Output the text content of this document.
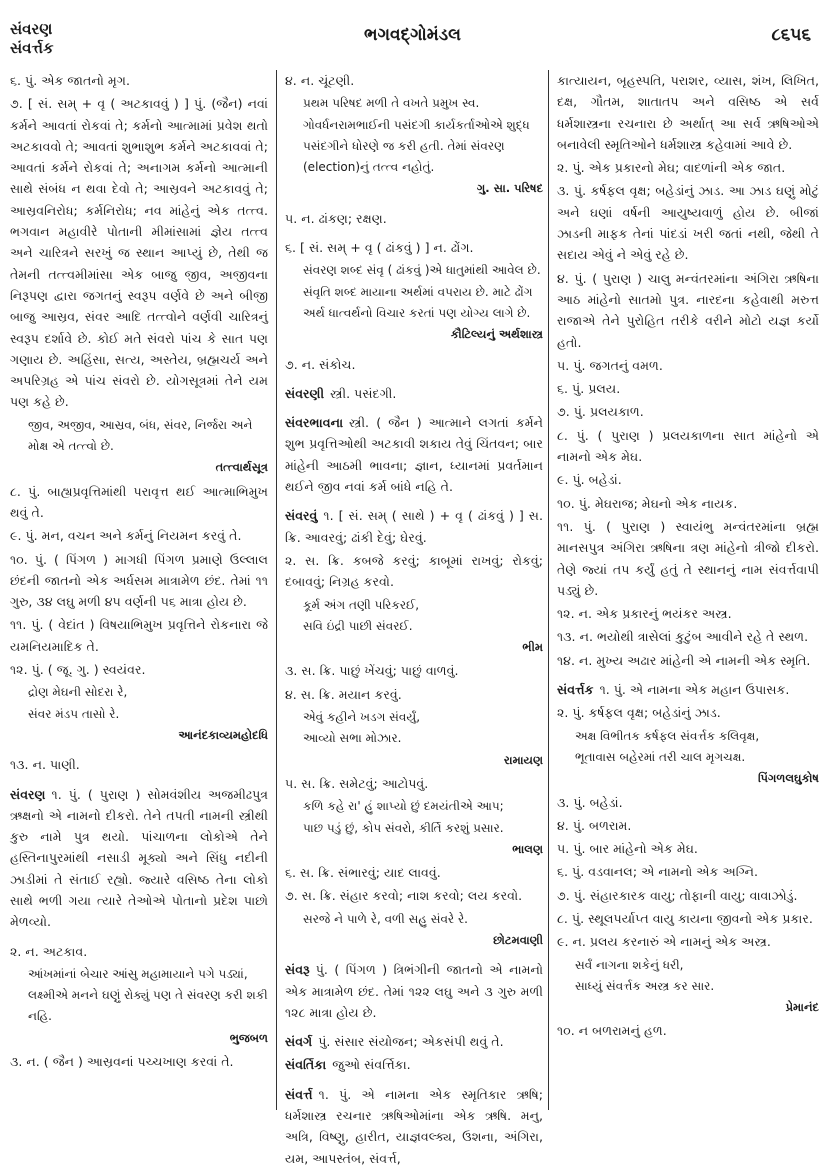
સંવરણ
સંવર્ત્તક
ભગવદ્ગોમંડલ	૮૬૫૬
૬. પું. એક જાતનો મૃગ.
૭. [ સં. સમ્ + વૃ ( અટકાવવું ) ] પું. (જૈન) નવાં કર્મને આવતાં રોકવાં તે; કર્મનો આત્મામાં પ્રવેશ થતો અટકાવવો તે; આવતાં શુભાશુભ કર્મને અટકાવવાં તે; આવતાં કર્મને રોકવાં તે; અનાગમ કર્મનો આત્માની સાથે સંબંધ ન થવા દેવો તે; આસ્રવને અટકાવવું તે; આસ્રવનિરોધ; કર્મનિરોધ; નવ માંહેનું એક તત્ત્વ. ભગવાન મહાવીરે પોતાની મીમાંસામાં જ્ઞેય તત્ત્વ અને ચારિત્રને સરખું જ સ્થાન આપ્યું છે, તેથી જ તેમની તત્ત્વમીમાંસા એક બાજુ જીવ, અજીવના નિરૂપણ દ્વારા જગતનું સ્વરૂપ વર્ણવે છે અને બીજી બાજુ આસ્રવ, સંવર આદિ તત્ત્વોને વર્ણવી ચારિત્રનું સ્વરૂપ દર્શાવે છે. કોઈ મતે સંવરો પાંચ કે સાત પણ ગણાય છે. અહિંસા, સત્ય, અસ્તેય, બ્રહ્મચર્ય અને અપરિગ્રહ એ પાંચ સંવરો છે. યોગસૂત્રમાં તેને યમ પણ કહે છે.
જીવ, અજીવ, આસ્રવ, બંધ, સંવર, નિર્જરા અને મોક્ષ એ તત્ત્વો છે.
તત્ત્વાર્થસૂત્ર
૮. પું. બાહ્યપ્રવૃત્તિમાંથી પરાવૃત્ત થઈ આત્માભિમુખ થવું તે.
૯. પું. મન, વચન અને કર્મનું નિયમન કરવું તે.
૧૦. પું. ( પિંગળ ) માગધી પિંગળ પ્રમાણે ઉલ્લાલ છંદની જાતનો એક અર્ધસમ માત્રામેળ છંદ. તેમાં ૧૧ ગુરુ, ૩૪ લઘુ મળી ૪૫ વર્ણની ૫૬ માત્રા હોય છે.
૧૧. પું. ( વેદાંત ) વિષયાભિમુખ પ્રવૃત્તિને રોકનારા જે યમનિયમાદિક તે.
૧૨. પું. ( જૂ. ગુ. ) સ્વયંવર.
દ્રોણ મેઘની સોદરા રે,
સંવર મંડપ તાસો રે.
આનંદકાવ્યમહોદધિ
૧૩. ન. પાણી.
સંવરણ ૧. પું. ( પુરાણ ) સોમવંશીય અજમીઢપુત્ર ઋક્ષનો એ નામનો દીકરો. તેને તપતી નામની સ્ત્રીથી કુરુ નામે પુત્ર થયો. પાંચાળના લોકોએ તેને હસ્તિનાપુરમાંથી નસાડી મૂક્યો અને સિંધુ નદીની ઝાડીમાં તે સંતાઈ રહ્યો. જ્યારે વસિષ્ઠ તેના લોકો સાથે ભળી ગયા ત્યારે તેઓએ પોતાનો પ્રદેશ પાછો મેળવ્યો.
૨. ન. અટકાવ.
આંખમાંનાં બેચાર આંસુ મહામાયાને પગે પડ્યાં, લક્ષ્મીએ મનને ઘણું રોક્યું પણ તે સંવરણ કરી શકી નહિ.
ભુજબળ
૩. ન. ( જૈન ) આસ્રવનાં પચ્ચખાણ કરવાં તે.
૪. ન. ચૂંટણી.
પ્રથમ પરિષદ મળી તે વખતે પ્રમુખ સ્વ. ગોવર્ધનરામભાઈની પસંદગી કાર્યકર્તાઓએ શુદ્ધ પસંદગીને ધોરણે જ કરી હતી. તેમાં સંવરણ (election)નું તત્ત્વ નહોતું.
ગુ. સા. પરિષદ
૫. ન. ઢાંકણ; રક્ષણ.
૬. [ સં. સમ્ + વૃ ( ઢાંકવું ) ] ન. ઢોંગ.
સંવરણ શબ્દ સંવૃ ( ઢાંકવું )એ ધાતુમાંથી આવેલ છે. સંવૃતિ શબ્દ માયાના અર્થમાં વપરાય છે. માટે ઢોંગ અર્થ ધાત્વર્થનો વિચાર કરતાં પણ યોગ્ય લાગે છે.
કૌટિલ્યનું અર્થશાસ્ત્ર
૭. ન. સંકોચ.
સંવરણી સ્ત્રી. પસંદગી.
સંવરભાવના સ્ત્રી. ( જૈન ) આત્માને લગતાં કર્મને શુભ પ્રવૃત્તિઓથી અટકાવી શકાય તેવું ચિંતવન; બાર માંહેની આઠમી ભાવના; જ્ઞાન, ધ્યાનમાં પ્રવર્તમાન થઈને જીવ નવાં કર્મ બાંધે નહિ તે.
સંવરવું ૧. [ સં. સમ્ ( સાથે ) + વૃ ( ઢાંકવું ) ] સ. ક્રિ. આવરવું; ઢાંકી દેવું; ઘેરવું.
૨. સ. ક્રિ. કબજે કરવું; કાબૂમાં રાખવું; રોકવું; દબાવવું; નિગ્રહ કરવો.
કૂર્મ અંગ તણી પરિકરઈ,
સવિ ઇંદ્રી પાછી સંવરઈ.
ભીમ
૩. સ. ક્રિ. પાછું ખેંચવું; પાછું વાળવું.
૪. સ. ક્રિ. મયાન કરવું.
એવું કહીને ખડગ સંવર્યું,
આવ્યો સભા મોઝાર.
રામાયણ
૫. સ. ક્રિ. સમેટવું; આટોપવું.
કળિ કહે રા' હું શાપ્યો છું દમયંતીએ આપ;
પાછ પડું છું, કોપ સંવરો, કીર્તિ કરશું પ્રસાર.
ભાલણ
૬. સ. ક્રિ. સંભારવું; યાદ લાવવું.
૭. સ. ક્રિ. સંહાર કરવો; નાશ કરવો; લય કરવો.
સરજે ને પાળે રે, વળી સહુ સંવરે રે.
છોટમવાણી
સંવરૂ પું. ( પિંગળ ) ત્રિભંગીની જાતનો એ નામનો એક માત્રામેળ છંદ. તેમાં ૧૨૨ લઘુ અને ૩ ગુરુ મળી ૧૨૮ માત્રા હોય છે.
સંવર્ગ પું. સંસાર સંયોજન; એકસંપી થવું તે.
સંવર્તિકા જુઓ સંવર્ત્તિકા.
સંવર્ત્ત ૧. પું. એ નામના એક સ્મૃતિકાર ઋષિ; ધર્મશાસ્ત્ર રચનાર ઋષિઓમાંના એક ઋષિ. મનુ, અત્રિ, વિષ્ણુ, હારીત, યાજ્ઞવલ્ક્ય, ઉશના, અંગિરા, યમ, આપસ્તંબ, સંવર્ત્ત,
કાત્યાયન, બૃહસ્પતિ, પરાશર, વ્યાસ, શંખ, લિખિત, દક્ષ, ગૌતમ, શાતાતપ અને વસિષ્ઠ એ સર્વ ધર્મશાસ્ત્રના રચનારા છે અર્થાત્ આ સર્વ ઋષિઓએ બનાવેલી સ્મૃતિઓને ધર્મશાસ્ત્ર કહેવામાં આવે છે.
૨. પું. એક પ્રકારનો મેઘ; વાદળાંની એક જાત.
૩. પું. કર્ષફલ વૃક્ષ; બહેડાંનું ઝાડ. આ ઝાડ ઘણું મોટું અને ઘણાં વર્ષની આયુષ્યવાળું હોય છે. બીજાં ઝાડની માફક તેનાં પાંદડાં ખરી જતાં નથી, જેથી તે સદાય એવું ને એવું રહે છે.
૪. પું. ( પુરાણ ) ચાલુ મન્વંતરમાંના અંગિરા ઋષિના આઠ માંહેનો સાતમો પુત્ર. નારદના કહેવાથી મરુત્ત રાજાએ તેને પુરોહિત તરીકે વરીને મોટો યજ્ઞ કર્યો હતો.
૫. પું. જગતનું વમળ.
૬. પું. પ્રલય.
૭. પું. પ્રલયકાળ.
૮. પું. ( પુરાણ ) પ્રલયકાળના સાત માંહેનો એ નામનો એક મેઘ.
૯. પું. બહેડાં.
૧૦. પું. મેઘરાજ; મેઘનો એક નાયક.
૧૧. પું. ( પુરાણ ) સ્વાયંભુ મન્વંતરમાંના બ્રહ્મ માનસપુત્ર અંગિરા ઋષિના ત્રણ માંહેનો ત્રીજો દીકરો. તેણે જ્યાં તપ કર્યું હતું તે સ્થાનનું નામ સંવર્ત્તવાપી પડ્યું છે.
૧૨. ન. એક પ્રકારનું ભયંકર અસ્ત્ર.
૧૩. ન. ભયોથી ત્રાસેલાં કુટુંબ આવીને રહે તે સ્થળ.
૧૪. ન. મુખ્ય અઢાર માંહેની એ નામની એક સ્મૃતિ.
સંવર્ત્તક ૧. પું. એ નામના એક મહાન ઉપાસક.
૨. પું. કર્ષફલ વૃક્ષ; બહેડાંનું ઝાડ.
અક્ષ વિભીતક કર્ષફલ સંવર્ત્તક કલિવૃક્ષ,
ભૂતાવાસ બહેરમાં તરી ચાલ મૃગચક્ષ.
પિંગળલઘુકોષ
૩. પું. બહેડાં.
૪. પું. બળરામ.
૫. પું. બાર માંહેનો એક મેઘ.
૬. પું. વડવાનલ; એ નામનો એક અગ્નિ.
૭. પું. સંહારકારક વાયુ; તોફાની વાયુ; વાવાઝોડું.
૮. પું. સ્થૂલપર્યાપ્ત વાયુ કાયના જીવનો એક પ્રકાર.
૯. ન. પ્રલય કરનારું એ નામનું એક અસ્ત્ર.
સર્વં નાગના શકેનું ધરી,
સાધ્યું સંવર્ત્તક અસ્ત્ર કર સાર.
પ્રેમાનંદ
૧૦. ન બળરામનું હળ.
